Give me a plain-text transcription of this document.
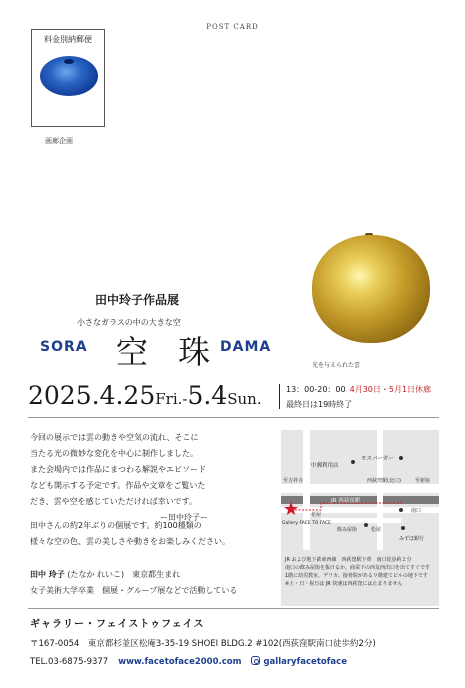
POST CARD
料金別納郵便
画廊企画
光を与えられた雲
田中玲子作品展
小さなガラスの中の大きな空
SORA 空 珠 DAMA
2025.4.25Fri.-5.4Sun.
13：00-20：00 4月30日・5月1日休廊
最終日は19時終了
今回の展示では雲の動きや空気の流れ、そこに
当たる光の微妙な変化を中心に制作しました。
また会場内では作品にまつわる解説やエピソード
なども開示する予定です。作品や文章をご覧いた
だき、雲や空を感じていただければ幸いです。
ー田中玲子ー
田中さんの約2年ぶりの個展です。約100種類の
様々な空の色、雲の美しさや動きをお楽しみください。
田中 玲子 (たなか れいこ)　 東京都生まれ
女子美術大学卒業　個展・グループ展などで活動している
中郵利用店
モスバーガー
西荻窪駅(北口)
JR 西荻窪駅
南口
至吉祥寺	至新宿
Gallery FACE TO FACE
花屋
飲み屋街	松屋
みずほ銀行
JR および地下鉄東西線　西荻窪駅下車　南口徒歩約２分
南口の飲み屋街を抜けるか、商栄下の西友西出口を出てすぐです
1階に幼児教室、デリカ、接骨院がある９階建てビルの地下です
※土・日・祝日は JR 快速は西荻窪には止まりません
ギャラリー・フェイストゥフェイス
〒167-0054　東京都杉並区松庵3-35-19 SHOEI BLDG.2 #102(西荻窪駅南口徒歩約2分)
TEL.03-6875-9377 www.facetoface2000.com	gallaryfacetoface
